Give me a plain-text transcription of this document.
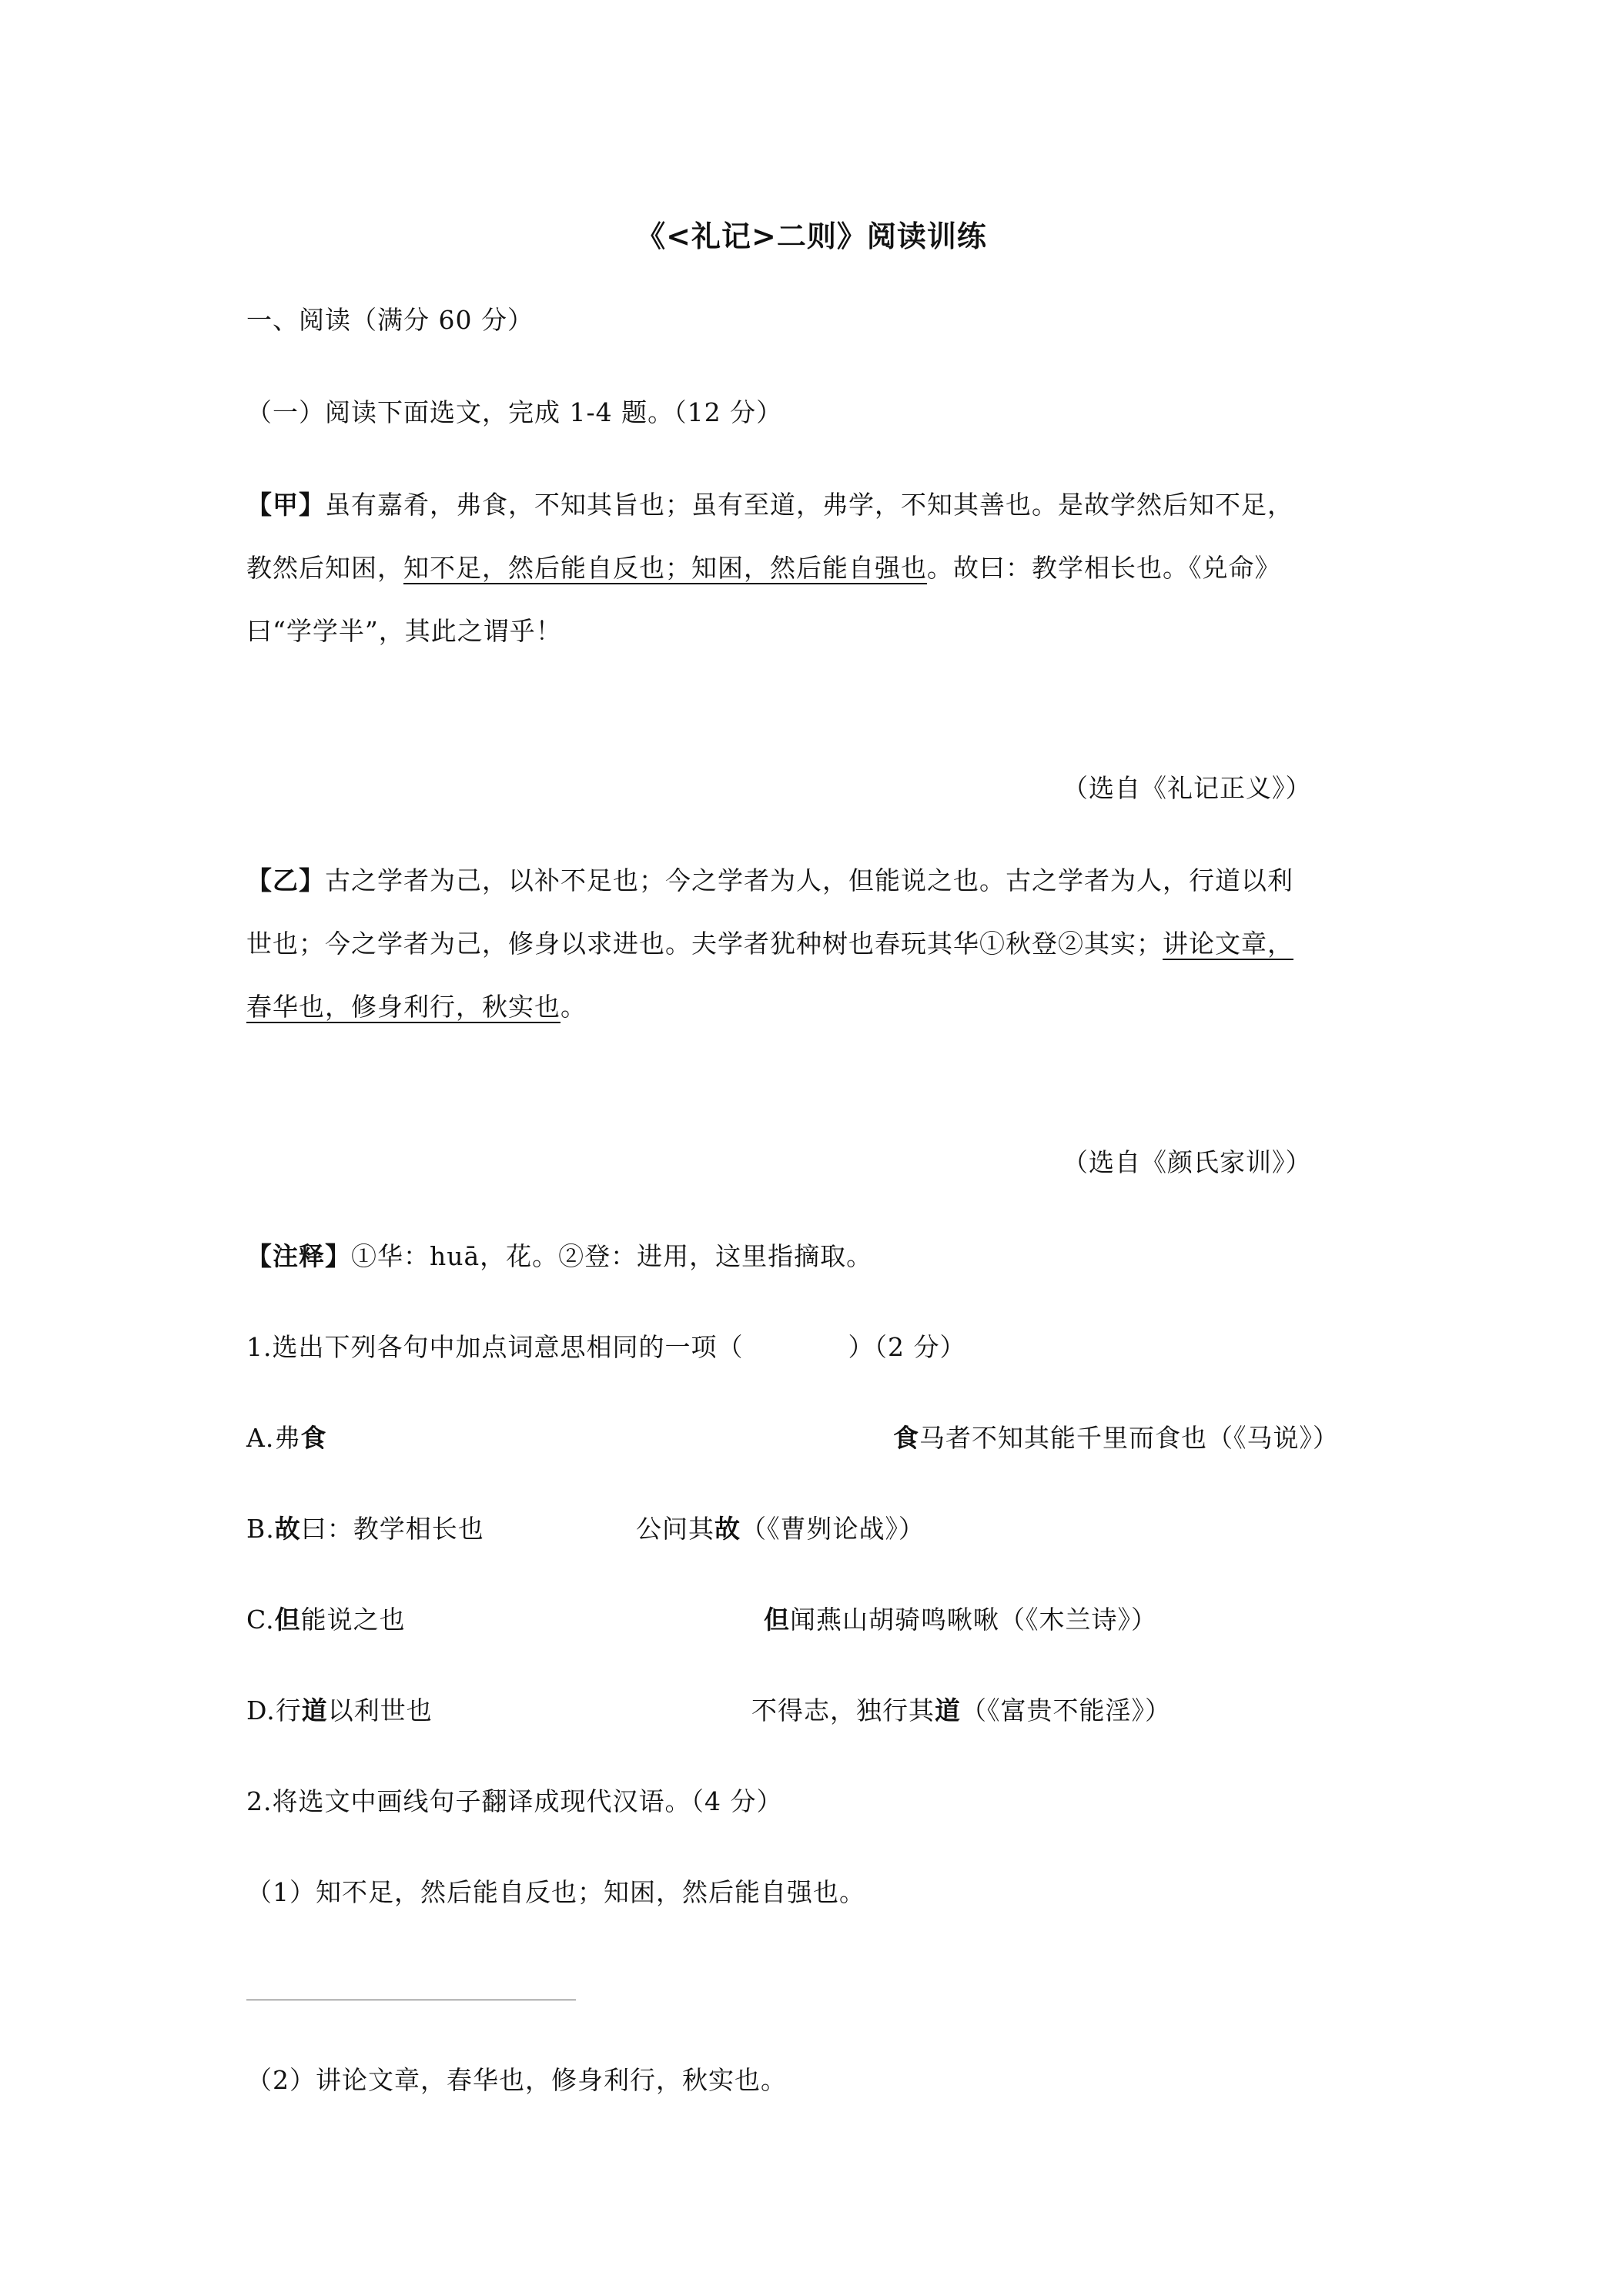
《<礼记>二则》阅读训练
一、阅读（满分 60 分）
（一）阅读下面选文，完成 1-4 题。（12 分）
【甲】虽有嘉肴，弗食，不知其旨也；虽有至道，弗学，不知其善也。是故学然后知不足，
教然后知困，知不足，然后能自反也；知困，然后能自强也。故曰：教学相长也。《兑命》
曰“学学半”，其此之谓乎！
（选自《礼记正义》）
【乙】古之学者为己，以补不足也；今之学者为人，但能说之也。古之学者为人，行道以利
世也；今之学者为己，修身以求进也。夫学者犹种树也春玩其华①秋登②其实；讲论文章，
春华也，修身利行，秋实也。
（选自《颜氏家训》）
【注释】①华：huā，花。②登：进用，这里指摘取。
1.选出下列各句中加点词意思相同的一项（　　　　）（2 分）
A.弗食	食马者不知其能千里而食也（《马说》）
B.故曰：教学相长也	公问其故（《曹刿论战》）
C.但能说之也	但闻燕山胡骑鸣啾啾（《木兰诗》）
D.行道以利世也	不得志，独行其道（《富贵不能淫》）
2.将选文中画线句子翻译成现代汉语。（4 分）
（1）知不足，然后能自反也；知困，然后能自强也。
（2）讲论文章，春华也，修身利行，秋实也。
